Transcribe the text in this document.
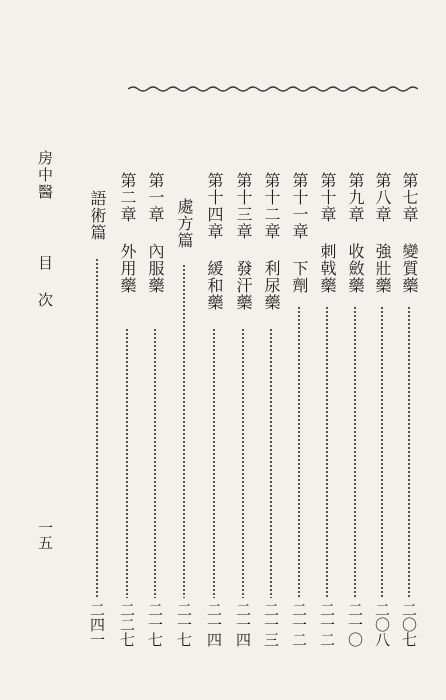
第七章 變質藥
二〇七
第八章 強壯藥
二〇八
第九章 收斂藥
二一〇
第十章 刺戟藥
二一二
第十一章 下劑
二一二
第十二章 利尿藥
二一三
第十三章 發汗藥
二一四
第十四章 緩和藥
二一四
處方篇
二一七
第一章 內服藥
二一七
第二章 外用藥
二二七
語術篇
二四一
房中醫  目 次
一五
